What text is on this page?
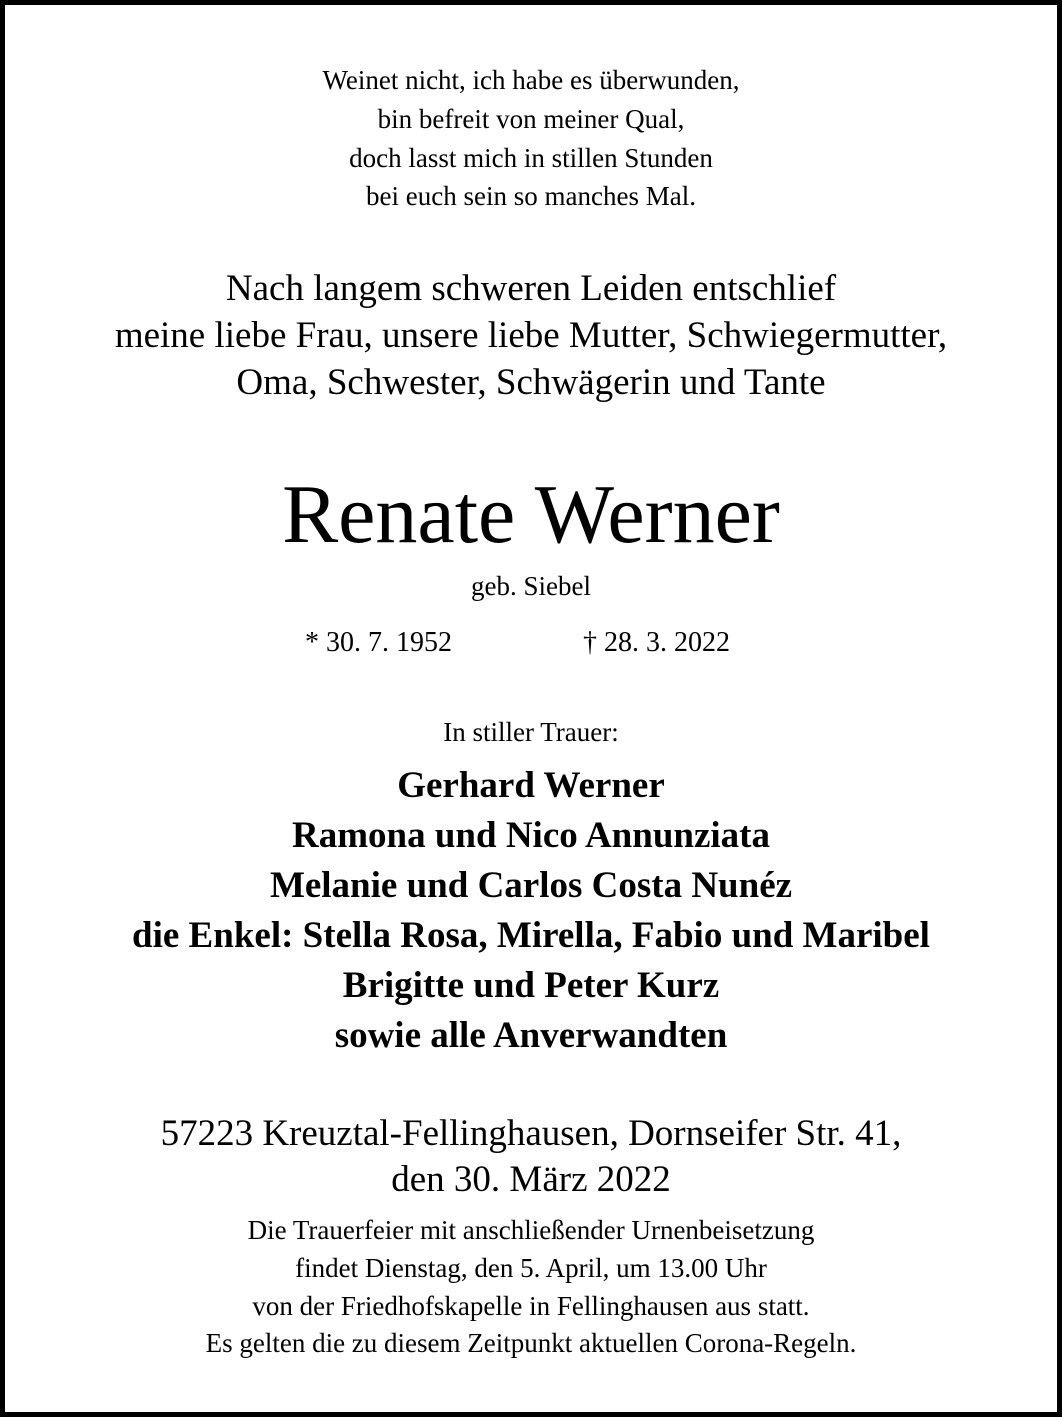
Weinet nicht, ich habe es überwunden,
bin befreit von meiner Qual,
doch lasst mich in stillen Stunden
bei euch sein so manches Mal.
Nach langem schweren Leiden entschlief
meine liebe Frau, unsere liebe Mutter, Schwiegermutter,
Oma, Schwester, Schwägerin und Tante
Renate Werner
geb. Siebel
* 30. 7. 1952	† 28. 3. 2022
In stiller Trauer:
Gerhard Werner
Ramona und Nico Annunziata
Melanie und Carlos Costa Nunéz
die Enkel: Stella Rosa, Mirella, Fabio und Maribel
Brigitte und Peter Kurz
sowie alle Anverwandten
57223 Kreuztal-Fellinghausen, Dornseifer Str. 41,
den 30. März 2022
Die Trauerfeier mit anschließender Urnenbeisetzung
findet Dienstag, den 5. April, um 13.00 Uhr
von der Friedhofskapelle in Fellinghausen aus statt.
Es gelten die zu diesem Zeitpunkt aktuellen Corona-Regeln.
